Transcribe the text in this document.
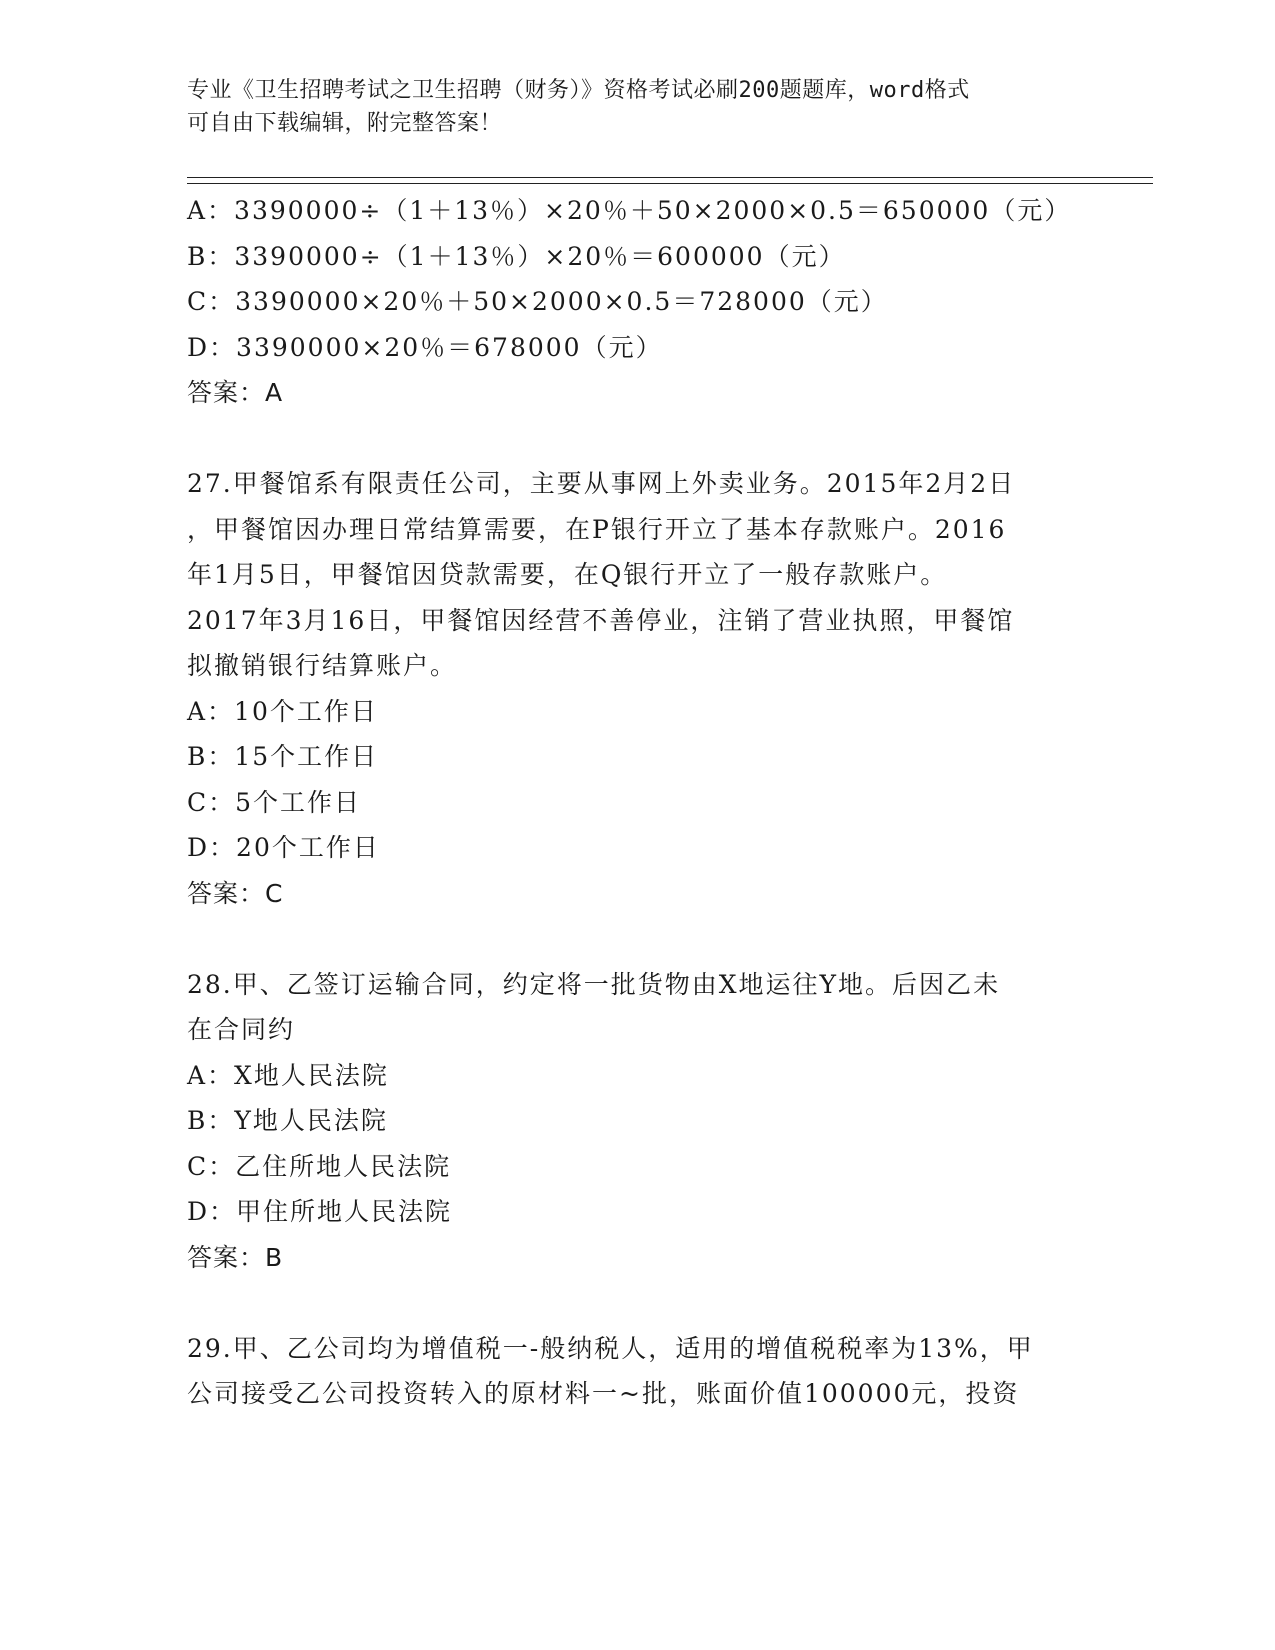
专业《卫生招聘考试之卫生招聘（财务）》资格考试必刷200题题库，word格式
可自由下载编辑，附完整答案！
A：3390000÷（1＋13％）×20％＋50×2000×0.5＝650000（元）
B：3390000÷（1＋13％）×20％＝600000（元）
C：3390000×20％＋50×2000×0.5＝728000（元）
D：3390000×20％＝678000（元）
答案：A
27.甲餐馆系有限责任公司，主要从事网上外卖业务。2015年2月2日
，甲餐馆因办理日常结算需要，在P银行开立了基本存款账户。2016
年1月5日，甲餐馆因贷款需要，在Q银行开立了一般存款账户。
2017年3月16日，甲餐馆因经营不善停业，注销了营业执照，甲餐馆
拟撤销银行结算账户。
A：10个工作日
B：15个工作日
C：5个工作日
D：20个工作日
答案：C
28.甲、乙签订运输合同，约定将一批货物由X地运往Y地。后因乙未
在合同约
A：X地人民法院
B：Y地人民法院
C：乙住所地人民法院
D：甲住所地人民法院
答案：B
29.甲、乙公司均为增值税一-般纳税人，适用的增值税税率为13%，甲
公司接受乙公司投资转入的原材料一~批，账面价值100000元，投资
